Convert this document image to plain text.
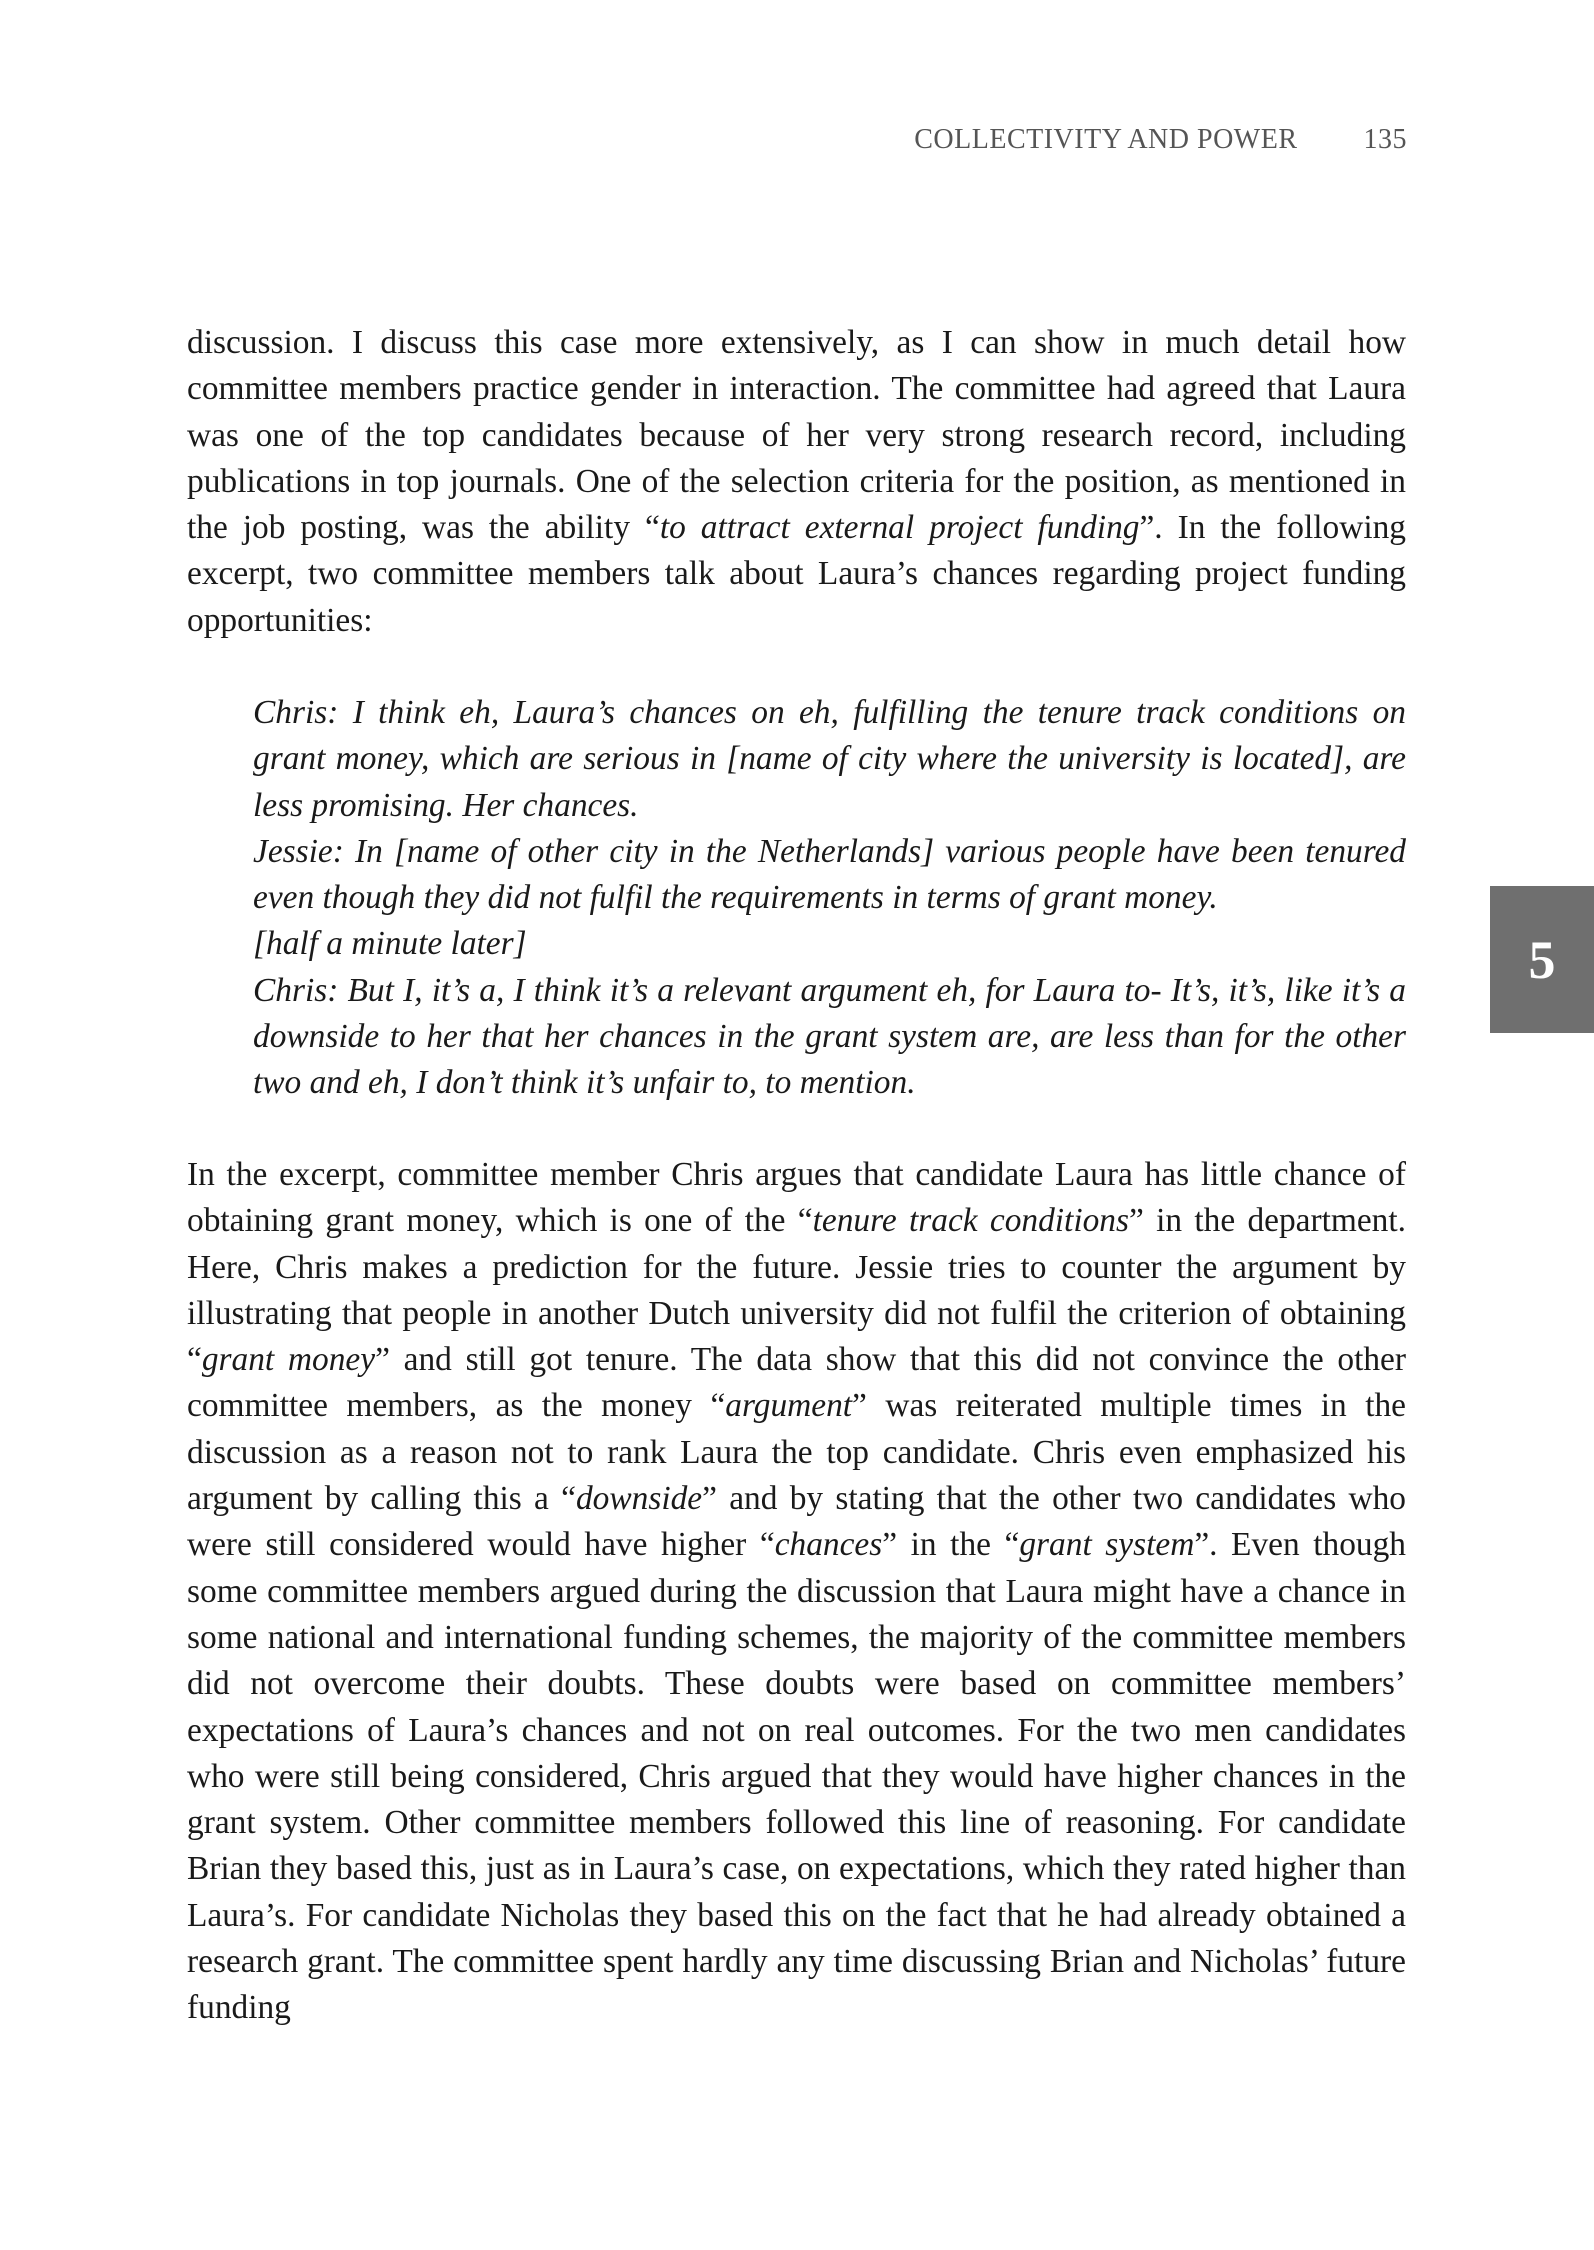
COLLECTIVITY AND POWER 135
5

discussion. I discuss this case more extensively, as I can show in much detail how committee members practice gender in interaction. The committee had agreed that Laura was one of the top candidates because of her very strong research record, including publications in top journals. One of the selection criteria for the position, as mentioned in the job posting, was the ability “to attract external project funding”. In the following excerpt, two committee members talk about Laura’s chances regarding project funding opportunities:

Chris: I think eh, Laura’s chances on eh, fulfilling the tenure track conditions on grant money, which are serious in [name of city where the university is located], are less promising. Her chances.

Jessie: In [name of other city in the Netherlands] various people have been tenured even though they did not fulfil the requirements in terms of grant money.

[half a minute later]

Chris: But I, it’s a, I think it’s a relevant argument eh, for Laura to- It’s, it’s, like it’s a downside to her that her chances in the grant system are, are less than for the other two and eh, I don’t think it’s unfair to, to mention.

In the excerpt, committee member Chris argues that candidate Laura has little chance of obtaining grant money, which is one of the “tenure track conditions” in the department. Here, Chris makes a prediction for the future. Jessie tries to counter the argument by illustrating that people in another Dutch university did not fulfil the criterion of obtaining “grant money” and still got tenure. The data show that this did not convince the other committee members, as the money “argument” was reiterated multiple times in the discussion as a reason not to rank Laura the top candidate. Chris even emphasized his argument by calling this a “downside” and by stating that the other two candidates who were still considered would have higher “chances” in the “grant system”. Even though some committee members argued during the discussion that Laura might have a chance in some national and international funding schemes, the majority of the committee members did not overcome their doubts. These doubts were based on committee members’ expectations of Laura’s chances and not on real outcomes. For the two men candidates who were still being considered, Chris argued that they would have higher chances in the grant system. Other committee members followed this line of reasoning. For candidate Brian they based this, just as in Laura’s case, on expectations, which they rated higher than Laura’s. For candidate Nicholas they based this on the fact that he had already obtained a research grant. The committee spent hardly any time discussing Brian and Nicholas’ future funding
